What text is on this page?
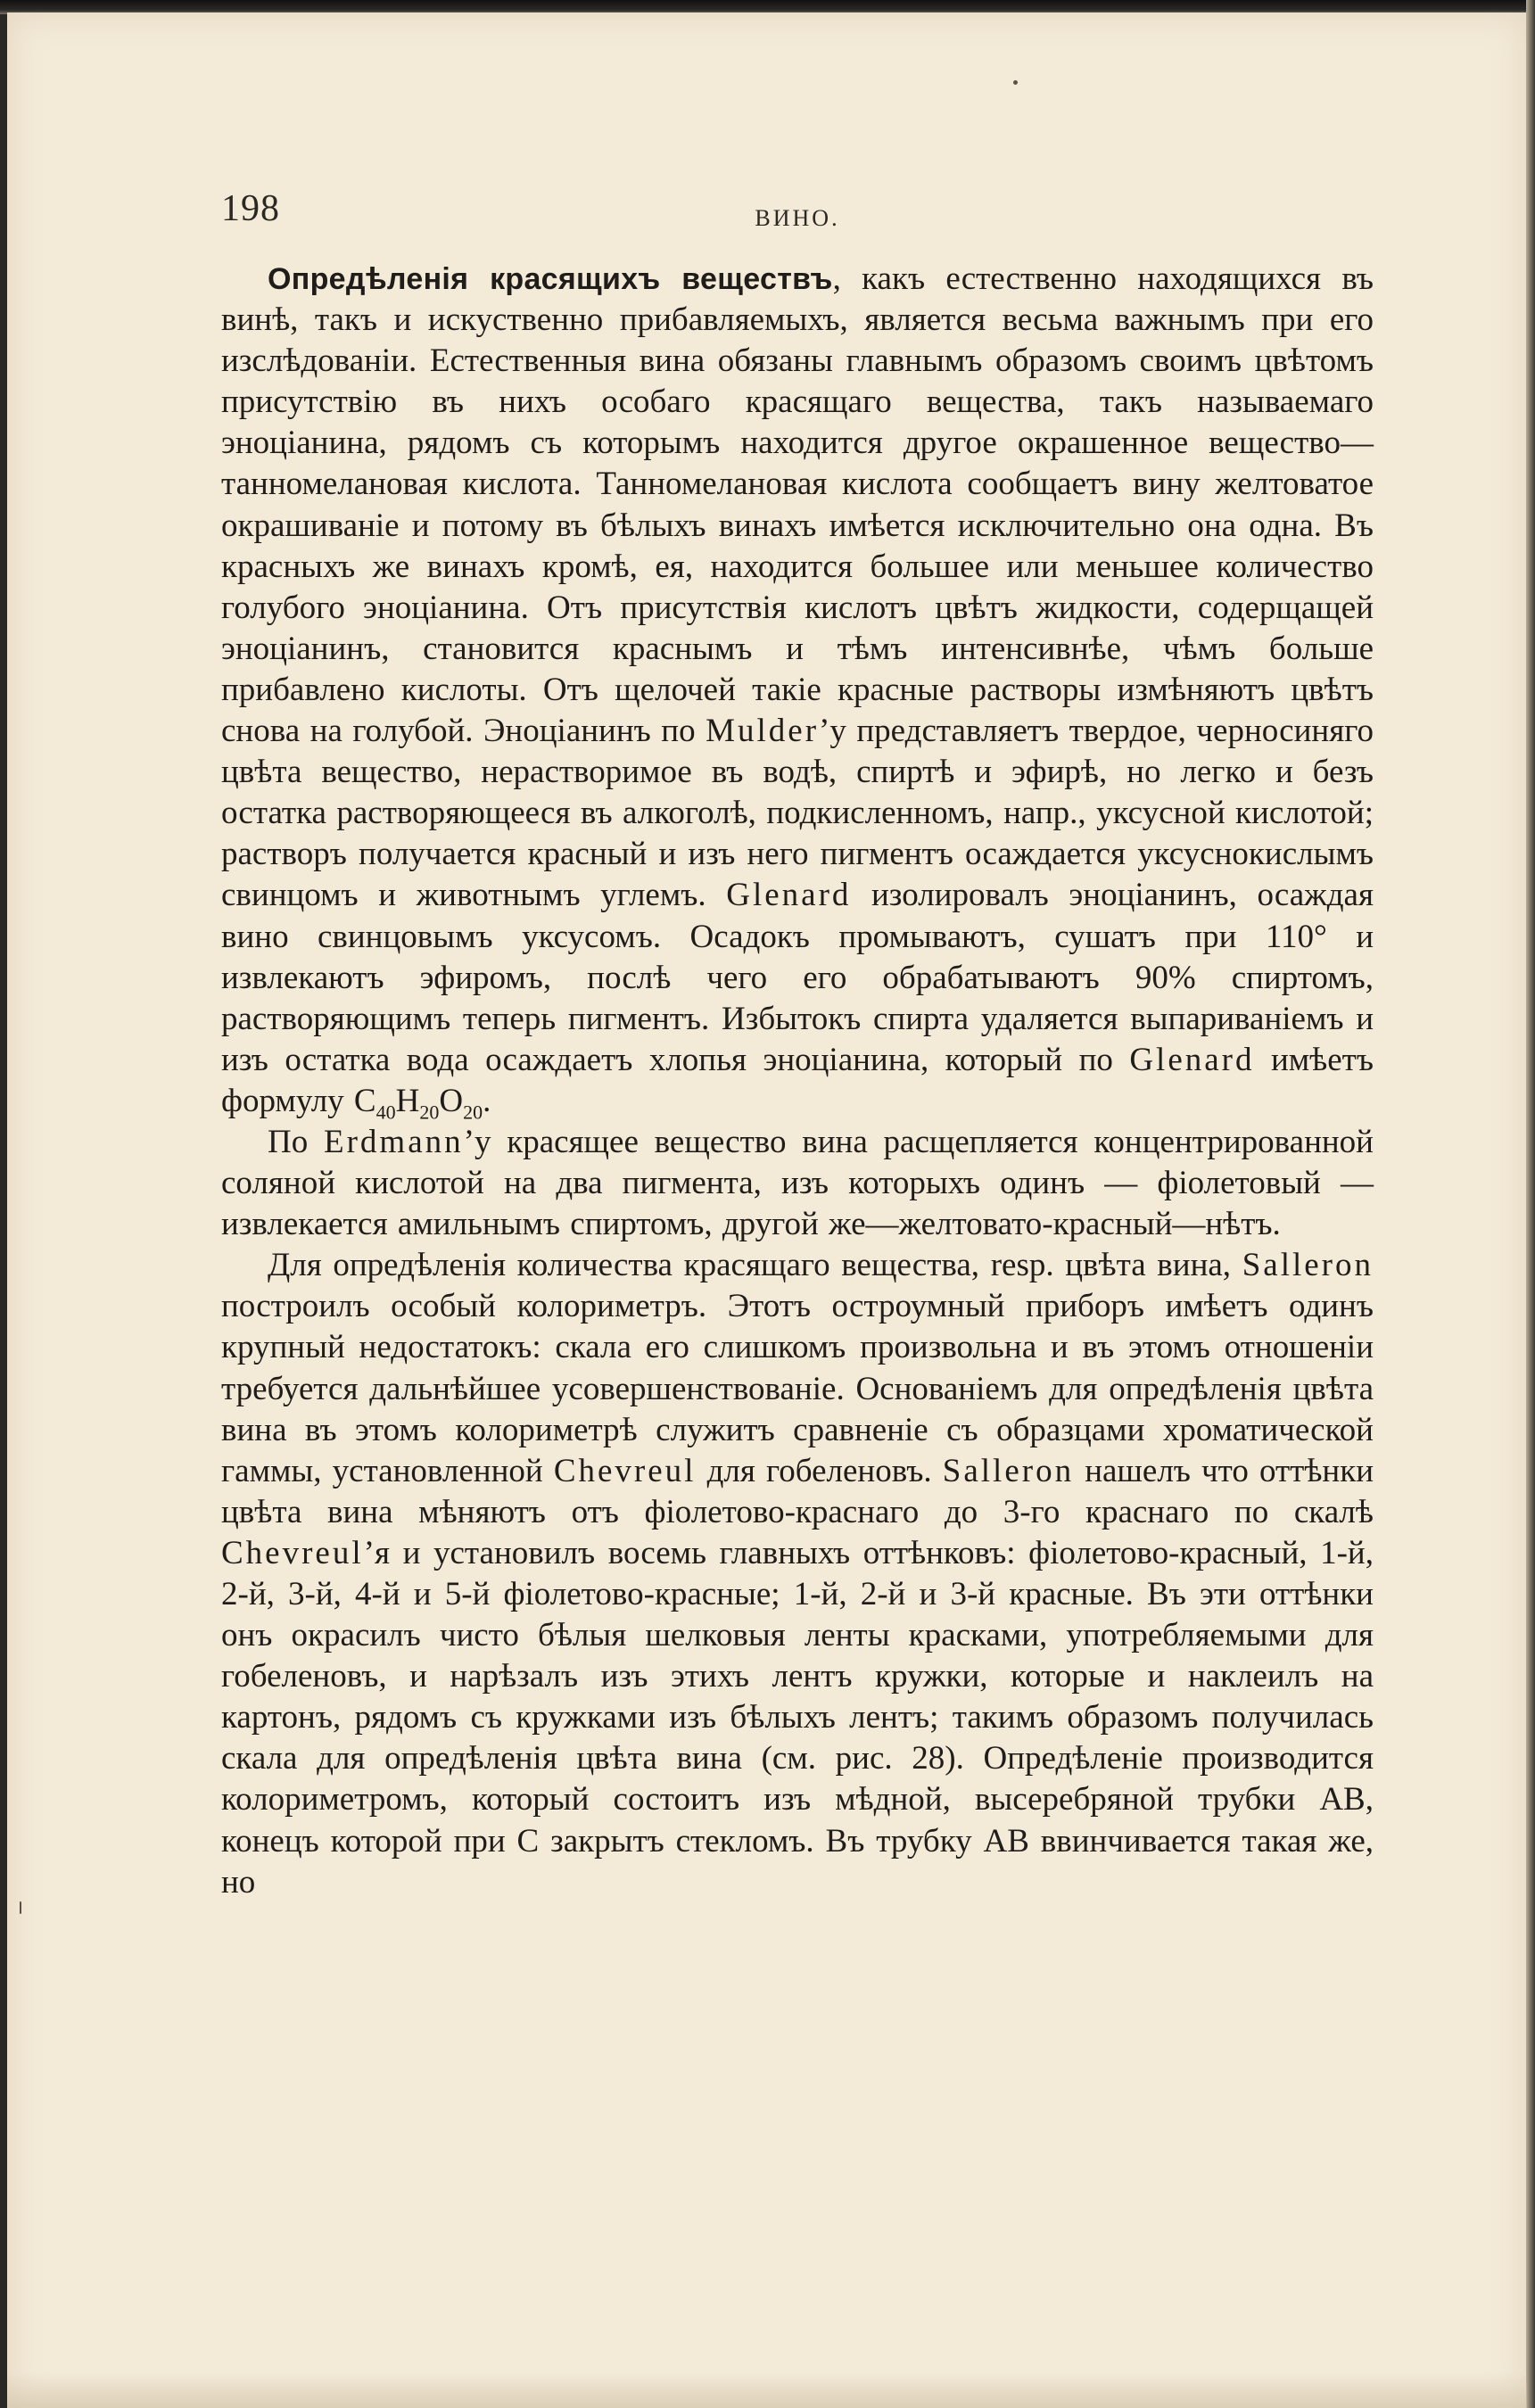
198	ВИНО.

Опредѣленія красящихъ веществъ, какъ естественно находящихся въ винѣ, такъ и искуственно прибавляемыхъ, является весьма важнымъ при его изслѣдованіи. Естественныя вина обязаны главнымъ образомъ своимъ цвѣтомъ присутствію въ нихъ особаго красящаго вещества, такъ называемаго эноціанина, рядомъ съ которымъ находится другое окрашенное вещество—танномелановая кислота. Танномелановая кислота сообщаетъ вину желтоватое окрашиваніе и потому въ бѣлыхъ винахъ имѣется исключительно она одна. Въ красныхъ же винахъ кромѣ, ея, находится большее или меньшее количество голубого эноціанина. Отъ присутствія кислотъ цвѣтъ жидкости, содерщащей эноціанинъ, становится краснымъ и тѣмъ интенсивнѣе, чѣмъ больше прибавлено кислоты. Отъ щелочей такіе красные растворы измѣняютъ цвѣтъ снова на голубой. Эноціанинъ по Mulder’у представляетъ твердое, черносиняго цвѣта вещество, нерастворимое въ водѣ, спиртѣ и эфирѣ, но легко и безъ остатка растворяющееся въ алкоголѣ, подкисленномъ, напр., уксусной кислотой; растворъ получается красный и изъ него пигментъ осаждается уксуснокислымъ свинцомъ и животнымъ углемъ. Glenard изолировалъ эноціанинъ, осаждая вино свинцовымъ уксусомъ. Осадокъ промываютъ, сушатъ при 110° и извлекаютъ эфиромъ, послѣ чего его обрабатываютъ 90% спиртомъ, растворяющимъ теперь пигментъ. Избытокъ спирта удаляется выпариваніемъ и изъ остатка вода осаждаетъ хлопья эноціанина, который по Glenard имѣетъ формулу $C_{40}H_{20}O_{20}$.

По Erdmann’у красящее вещество вина расщепляется концентрированной соляной кислотой на два пигмента, изъ которыхъ одинъ — фіолетовый — извлекается амильнымъ спиртомъ, другой же—желтовато-красный—нѣтъ.

Для опредѣленія количества красящаго вещества, resp. цвѣта вина, Salleron построилъ особый колориметръ. Этотъ остроумный приборъ имѣетъ одинъ крупный недостатокъ: скала его слишкомъ произвольна и въ этомъ отношеніи требуется дальнѣйшее усовершенствованіе. Основаніемъ для опредѣленія цвѣта вина въ этомъ колориметрѣ служитъ сравненіе съ образцами хроматической гаммы, установленной Chevreul для гобеленовъ. Salleron нашелъ что оттѣнки цвѣта вина мѣняютъ отъ фіолетово-краснаго до 3-го краснаго по скалѣ Chevreul’я и установилъ восемь главныхъ оттѣнковъ: фіолетово-красный, 1-й, 2-й, 3-й, 4-й и 5-й фіолетово-красные; 1-й, 2-й и 3-й красные. Въ эти оттѣнки онъ окрасилъ чисто бѣлыя шелковыя ленты красками, употребляемыми для гобеленовъ, и нарѣзалъ изъ этихъ лентъ кружки, которые и наклеилъ на картонъ, рядомъ съ кружками изъ бѣлыхъ лентъ; такимъ образомъ получилась скала для опредѣленія цвѣта вина (см. рис. 28). Опредѣленіе производится колориметромъ, который состоитъ изъ мѣдной, высеребряной трубки AB, конецъ которой при C закрытъ стекломъ. Въ трубку AB ввинчивается такая же, но
